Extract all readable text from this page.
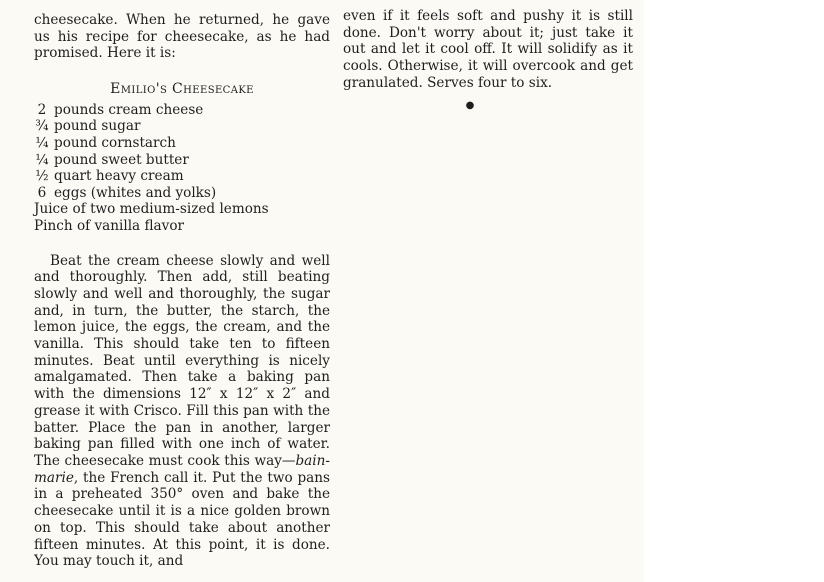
cheesecake. When he returned, he gave us his recipe for cheesecake, as he had promised. Here it is:

Emilio's Cheesecake
2 pounds cream cheese
¾ pound sugar
¼ pound cornstarch
¼ pound sweet butter
½ quart heavy cream
6 eggs (whites and yolks)
Juice of two medium-sized lemons
Pinch of vanilla flavor

Beat the cream cheese slowly and well and thoroughly. Then add, still beating slowly and well and thoroughly, the sugar and, in turn, the butter, the starch, the lemon juice, the eggs, the cream, and the vanilla. This should take ten to fifteen minutes. Beat until everything is nicely amalgamated. Then take a baking pan with the dimensions 12″ x 12″ x 2″ and grease it with Crisco. Fill this pan with the batter. Place the pan in another, larger baking pan filled with one inch of water. The cheesecake must cook this way—bain-marie, the French call it. Put the two pans in a preheated 350° oven and bake the cheesecake until it is a nice golden brown on top. This should take about another fifteen minutes. At this point, it is done. You may touch it, and

even if it feels soft and pushy it is still done. Don't worry about it; just take it out and let it cool off. It will solidify as it cools. Otherwise, it will overcook and get granulated. Serves four to six.

●
